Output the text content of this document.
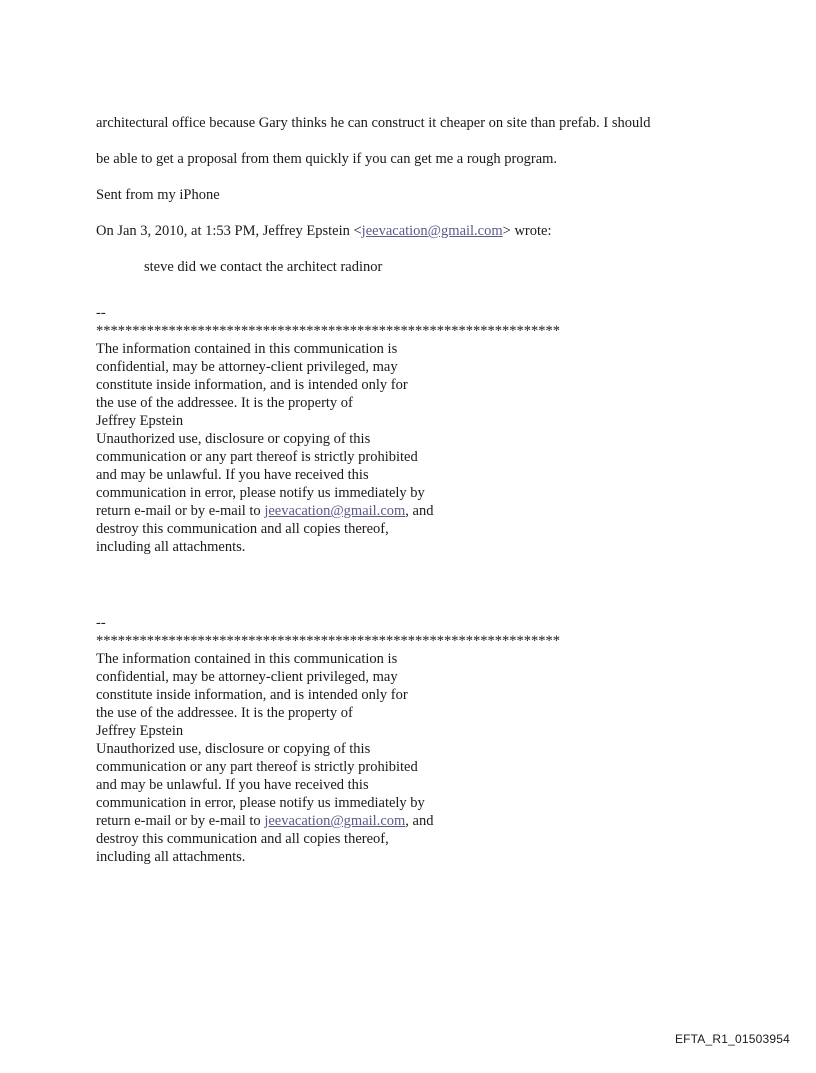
architectural office because Gary thinks he can construct it cheaper on site than prefab. I should

be able to get a proposal from them quickly if you can get me a rough program.

Sent from my iPhone

On Jan 3, 2010, at 1:53 PM, Jeffrey Epstein <jeevacation@gmail.com> wrote:

steve did we contact the architect radinor

--
****************************************************************
The information contained in this communication is
confidential, may be attorney-client privileged, may
constitute inside information, and is intended only for
the use of the addressee. It is the property of
Jeffrey Epstein
Unauthorized use, disclosure or copying of this
communication or any part thereof is strictly prohibited
and may be unlawful. If you have received this
communication in error, please notify us immediately by
return e-mail or by e-mail to jeevacation@gmail.com, and
destroy this communication and all copies thereof,
including all attachments.
--
****************************************************************
The information contained in this communication is
confidential, may be attorney-client privileged, may
constitute inside information, and is intended only for
the use of the addressee. It is the property of
Jeffrey Epstein
Unauthorized use, disclosure or copying of this
communication or any part thereof is strictly prohibited
and may be unlawful. If you have received this
communication in error, please notify us immediately by
return e-mail or by e-mail to jeevacation@gmail.com, and
destroy this communication and all copies thereof,
including all attachments.
EFTA_R1_01503954
